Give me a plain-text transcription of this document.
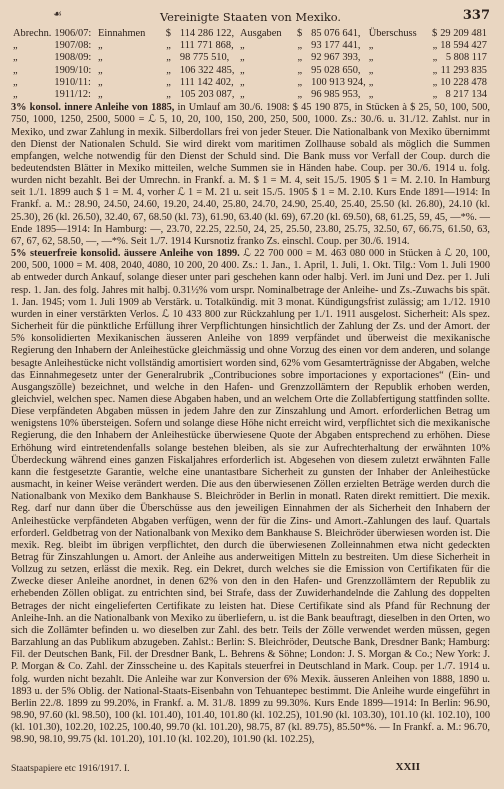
☙	Vereinigte Staaten von Mexiko.	337
Abrechn.	1906/07:	Einnahmen	$	114 286 122,	Ausgaben	$	85 076 641,	Überschuss	$	29 209 481
„	1907/08:	„	„	111 771 868,	„	„	93 177 441,	„	„	18 594 427
„	1908/09:	„	„	98 775 510,	„	„	92 967 393,	„	„	5 808 117
„	1909/10:	„	„	106 322 485,	„	„	95 028 650,	„	„	11 293 835
„	1910/11:	„	„	111 142 402,	„	„	100 913 924,	„	„	10 228 478
„	1911/12:	„	„	105 203 087,	„	„	96 985 953,	„	„	8 217 134

3% konsol. innere Anleihe von 1885, in Umlauf am 30./6. 1908: $ 45 190 875, in Stücken à $ 25, 50, 100, 500, 750, 1000, 1250, 2500, 5000 = ℒ 5, 10, 20, 100, 150, 200, 250, 500, 1000. Zs.: 30./6. u. 31./12. Zahlst. nur in Mexiko, und zwar Zahlung in mexik. Silberdollars frei von jeder Steuer. Die Nationalbank von Mexiko übernimmt den Dienst der Nationalen Schuld. Sie wird direkt vom maritimen Zollhause sobald als möglich die Summen empfangen, welche notwendig für den Dienst der Schuld sind. Die Bank muss vor Verfall der Coup. durch die bedeutendsten Blätter in Mexiko mitteilen, welche Summen sie in Händen habe. Coup. per 30./6. 1914 u. folg. wurden nicht bezahlt. Bei der Umrechn. in Frankf. a. M. $ 1 = M. 4, seit 15./5. 1905 $ 1 = M. 2.10. In Hamburg seit 1./1. 1899 auch $ 1 = M. 4, vorher ℒ 1 = M. 21 u. seit 15./5. 1905 $ 1 = M. 2.10. Kurs Ende 1891—1914: In Frankf. a. M.: 28.90, 24.50, 24.60, 19.20, 24.40, 25.80, 24.70, 24.90, 25.40, 25.40, 25.50 (kl. 26.80), 24.10 (kl. 25.30), 26 (kl. 26.50), 32.40, 67, 68.50 (kl. 73), 61.90, 63.40 (kl. 69), 67.20 (kl. 69.50), 68, 61.25, 59, 45, —*%. — Ende 1895—1914: In Hamburg: —, 23.70, 22.25, 22.50, 24, 25, 25.50, 23.80, 25.75, 32.50, 67, 66.75, 61.50, 63, 67, 67, 62, 58.50, —, —*%. Seit 1./7. 1914 Kursnotiz franko Zs. einschl. Coup. per 30./6. 1914.

5% steuerfreie konsolid. äussere Anleihe von 1899. ℒ 22 700 000 = M. 463 080 000 in Stücken à ℒ 20, 100, 200, 500, 1000 = M. 408, 2040, 4080, 10 200, 20 400. Zs.: 1. Jan., 1. April, 1. Juli, 1. Okt. Tilg.: Vom 1. Juli 1900 ab entweder durch Ankauf, solange dieser unter pari geschehen kann oder halbj. Verl. im Juni und Dez. per 1. Juli resp. 1. Jan. des folg. Jahres mit halbj. 0.31½% vom urspr. Nominalbetrage der Anleihe- und Zs.-Zuwachs bis spät. 1. Jan. 1945; vom 1. Juli 1909 ab Verstärk. u. Totalkündig. mit 3 monat. Kündigungsfrist zulässig; am 1./12. 1910 wurden in einer verstärkten Verlos. ℒ 10 433 800 zur Rückzahlung per 1./1. 1911 ausgelost. Sicherheit: Als spez. Sicherheit für die pünktliche Erfüllung ihrer Verpflichtungen hinsichtlich der Zahlung der Zs. und der Amort. der 5% konsolidierten Mexikanischen äusseren Anleihe von 1899 verpfändet und überweist die mexikanische Regierung den Inhabern der Anleihestücke gleichmässig und ohne Vorzug des einen vor dem anderen, und solange besagte Anleihestücke nicht vollständig amortisiert worden sind, 62% vom Gesamterträgnisse der Abgaben, welche das Einnahmegesetz unter der Generalrubrik „Contribuciones sobre importaciones y exportaciones“ (Ein- und Ausgangszölle) bezeichnet, und welche in den Hafen- und Grenzzollämtern der Republik erhoben werden, gleichviel, welchen spec. Namen diese Abgaben haben, und an welchem Orte die Zollabfertigung stattfinden sollte. Diese verpfändeten Abgaben müssen in jedem Jahre den zur Zinszahlung und Amort. erforderlichen Betrag um wenigstens 10% übersteigen. Sofern und solange diese Höhe nicht erreicht wird, verpflichtet sich die mexikanische Regierung, die den Inhabern der Anleihestücke überwiesene Quote der Abgaben entsprechend zu erhöhen. Diese Erhöhung wird eintretendenfalls solange bestehen bleiben, als sie zur Aufrechterhaltung der erwähnten 10% Überdeckung während eines ganzen Fiskaljahres erforderlich ist. Abgesehen von diesem zuletzt erwähnten Falle kann die festgesetzte Garantie, welche eine unantastbare Sicherheit zu gunsten der Inhaber der Anleihestücke ausmacht, in keiner Weise verändert werden. Die aus den überwiesenen Zöllen erzielten Beträge werden durch die Nationalbank von Mexiko dem Bankhause S. Bleichröder in Berlin in monatl. Raten direkt remittiert. Die mexik. Reg. darf nur dann über die Überschüsse aus den jeweiligen Einnahmen der als Sicherheit den Inhabern der Anleihestücke verpfändeten Abgaben verfügen, wenn der für die Zins- und Amort.-Zahlungen des lauf. Quartals erforderl. Geldbetrag von der Nationalbank von Mexiko dem Bankhause S. Bleichröder überwiesen worden ist. Die mexik. Reg. bleibt im übrigen verpflichtet, den durch die überwiesenen Zolleinnahmen etwa nicht gedeckten Betrag für Zinszahlungen u. Amort. der Anleihe aus anderweitigen Mitteln zu bestreiten. Um diese Sicherheit in Vollzug zu setzen, erlässt die mexik. Reg. ein Dekret, durch welches sie die Emission von Certifikaten für die Zwecke dieser Anleihe anordnet, in denen 62% von den in den Hafen- und Grenzzollämtern der Republik zu erhebenden Zöllen obligat. zu entrichten sind, bei Strafe, dass der Zuwiderhandelnde die Zahlung des doppelten Betrages der nicht eingelieferten Certifikate zu leisten hat. Diese Certifikate sind als Pfand für Rechnung der Anleihe-Inh. an die Nationalbank von Mexiko zu überliefern, u. ist die Bank beauftragt, dieselben in den Orten, wo sich die Zollämter befinden u. wo dieselben zur Zahl. des betr. Teils der Zölle verwendet werden müssen, gegen Barzahlung an das Publikum abzugeben. Zahlst.: Berlin: S. Bleichröder, Deutsche Bank, Dresdner Bank; Hamburg: Fil. der Deutschen Bank, Fil. der Dresdner Bank, L. Behrens & Söhne; London: J. S. Morgan & Co.; New York: J. P. Morgan & Co. Zahl. der Zinsscheine u. des Kapitals steuerfrei in Deutschland in Mark. Coup. per 1./7. 1914 u. folg. wurden nicht bezahlt. Die Anleihe war zur Konversion der 6% Mexik. äusseren Anleihen von 1888, 1890 u. 1893 u. der 5% Oblig. der National-Staats-Eisenbahn von Tehuantepec bestimmt. Die Anleihe wurde eingeführt in Berlin 22./8. 1899 zu 99.20%, in Frankf. a. M. 31./8. 1899 zu 99.30%. Kurs Ende 1899—1914: In Berlin: 96.90, 98.90, 97.60 (kl. 98.50), 100 (kl. 101.40), 101.40, 101.80 (kl. 102.25), 101.90 (kl. 103.30), 101.10 (kl. 102.10), 100 (kl. 101.30), 102.20, 102.25, 100.40, 99.70 (kl. 101.20), 98.75, 87 (kl. 89.75), 85.50*%. — In Frankf. a. M.: 96.70, 98.90, 98.10, 99.75 (kl. 101.20), 101.10 (kl. 102.20), 101.90 (kl. 102.25),

Staatspapiere etc 1916/1917. I.	XXII
